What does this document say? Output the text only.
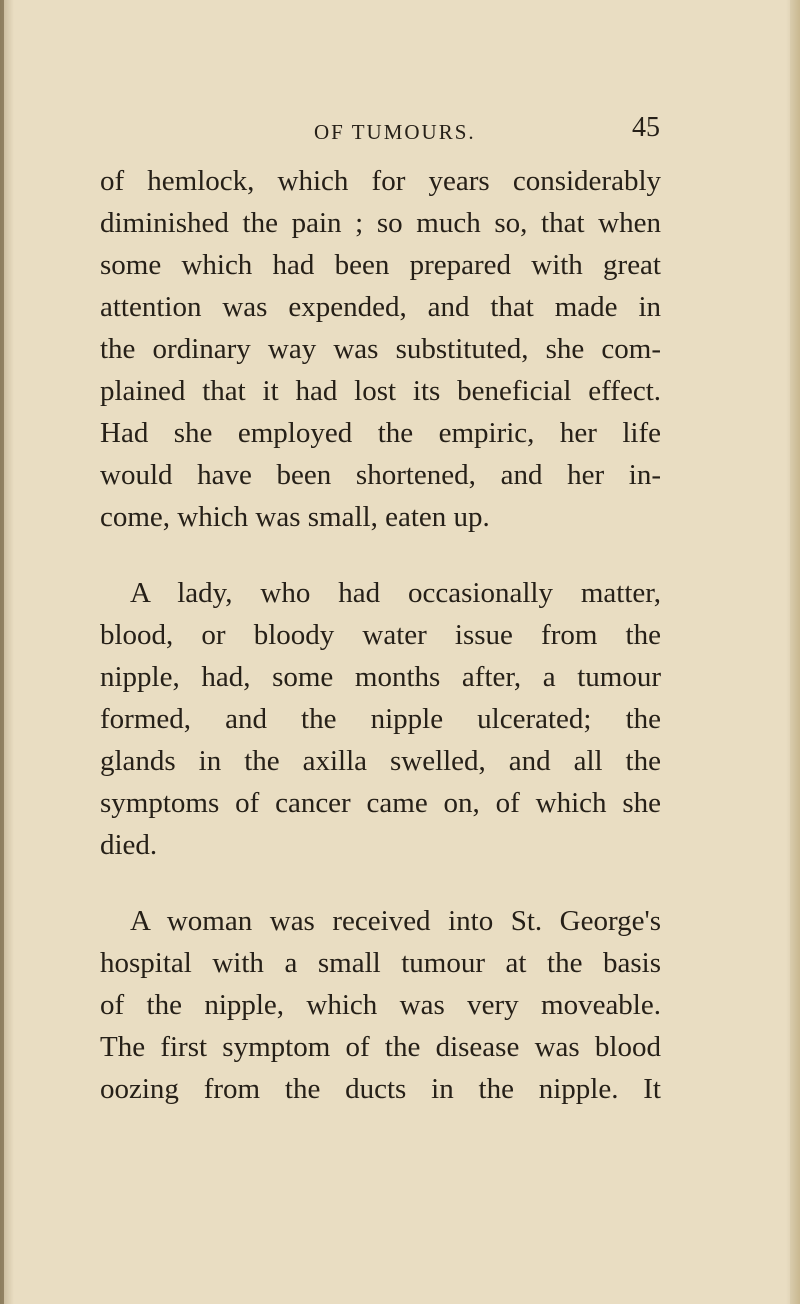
OF TUMOURS.	45

of hemlock, which for years considerably
diminished the pain ; so much so, that when
some which had been prepared with great
attention was expended, and that made in
the ordinary way was substituted, she com-
plained that it had lost its beneficial effect.
Had she employed the empiric, her life
would have been shortened, and her in-
come, which was small, eaten up.

A lady, who had occasionally matter,
blood, or bloody water issue from the
nipple, had, some months after, a tumour
formed, and the nipple ulcerated; the
glands in the axilla swelled, and all the
symptoms of cancer came on, of which she
died.

A woman was received into St. George's
hospital with a small tumour at the basis
of the nipple, which was very moveable.
The first symptom of the disease was blood
oozing from the ducts in the nipple. It
